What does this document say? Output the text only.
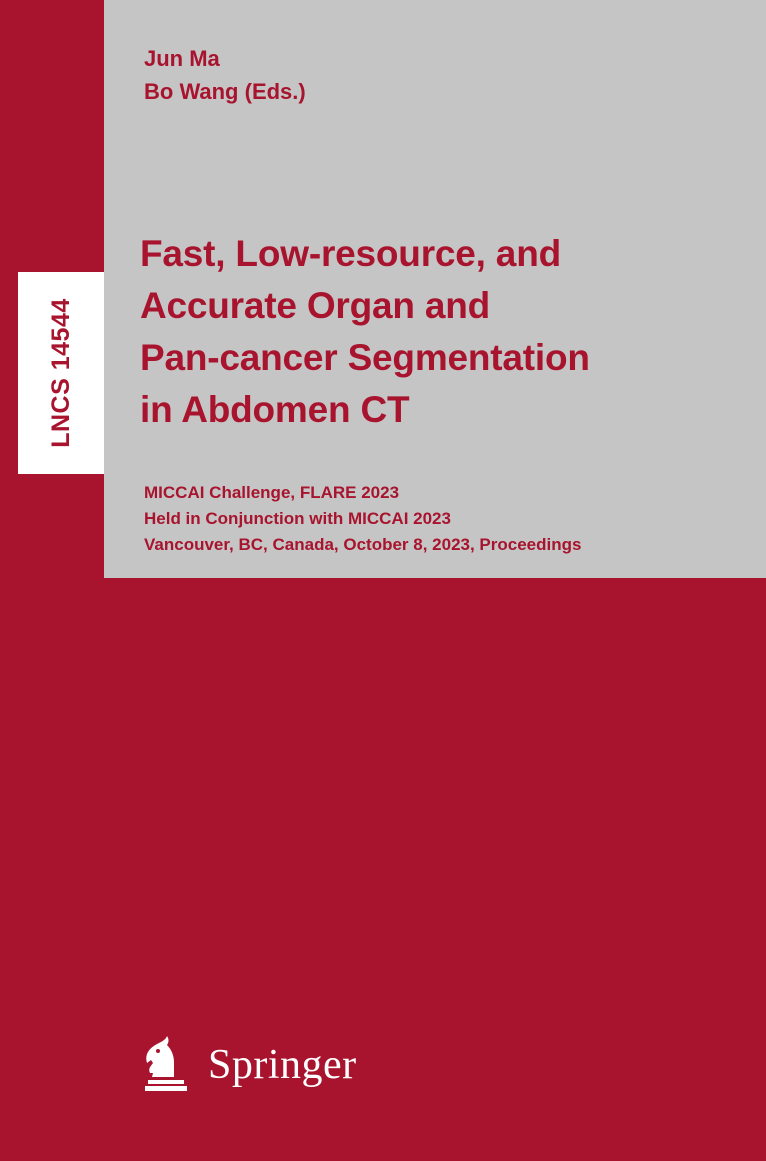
LNCS 14544
Jun Ma
Bo Wang (Eds.)
Fast, Low-resource, and
Accurate Organ and
Pan-cancer Segmentation
in Abdomen CT
MICCAI Challenge, FLARE 2023
Held in Conjunction with MICCAI 2023
Vancouver, BC, Canada, October 8, 2023, Proceedings
Springer
